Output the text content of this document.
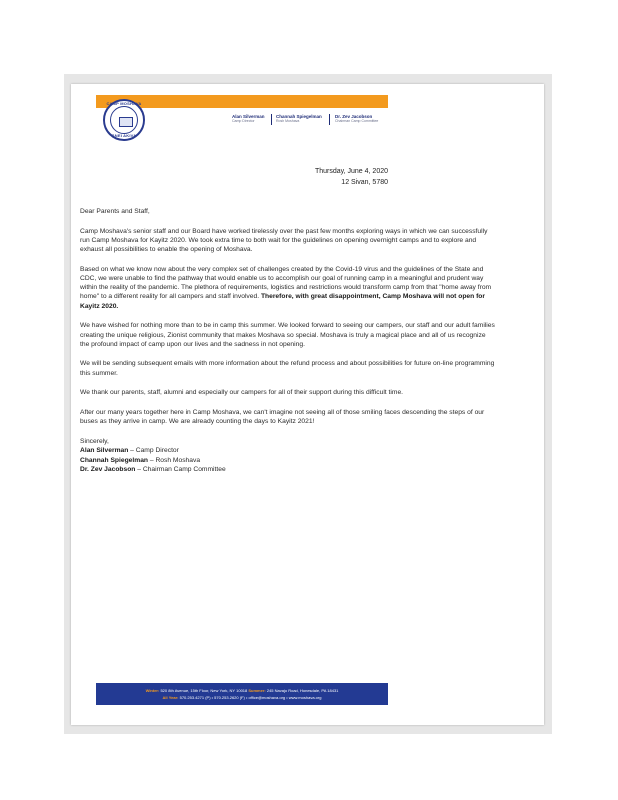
CAMP MOSHAVA
BNEI AKIVA
Alan Silverman
Camp Director
Channah Spiegelman
Rosh Moshava
Dr. Zev Jacobson
Chairman Camp Committee
Thursday, June 4, 2020
12 Sivan, 5780

Dear Parents and Staff,

Camp Moshava's senior staff and our Board have worked tirelessly over the past few months exploring ways in which we can successfully run Camp Moshava for Kayitz 2020. We took extra time to both wait for the guidelines on opening overnight camps and to explore and exhaust all possibilities to enable the opening of Moshava.

Based on what we know now about the very complex set of challenges created by the Covid-19 virus and the guidelines of the State and CDC, we were unable to find the pathway that would enable us to accomplish our goal of running camp in a meaningful and prudent way within the reality of the pandemic. The plethora of requirements, logistics and restrictions would transform camp from that "home away from home" to a different reality for all campers and staff involved. Therefore, with great disappointment, Camp Moshava will not open for Kayitz 2020.

We have wished for nothing more than to be in camp this summer. We looked forward to seeing our campers, our staff and our adult families creating the unique religious, Zionist community that makes Moshava so special. Moshava is truly a magical place and all of us recognize the profound impact of camp upon our lives and the sadness in not opening.

We will be sending subsequent emails with more information about the refund process and about possibilities for future on-line programming this summer.

We thank our parents, staff, alumni and especially our campers for all of their support during this difficult time.

After our many years together here in Camp Moshava, we can't imagine not seeing all of those smiling faces descending the steps of our buses as they arrive in camp. We are already counting the days to Kayitz 2021!

Sincerely,
Alan Silverman – Camp Director
Channah Spiegelman – Rosh Moshava
Dr. Zev Jacobson – Chairman Camp Committee
Winter: 520 8th Avenue, 15th Floor, New York, NY 10018 Summer: 245 Navajo Road, Honesdale, PA 18431
All Year: 570.253.4271 (P) • 570.253.2620 (F) • office@moshava.org • www.moshava.org
